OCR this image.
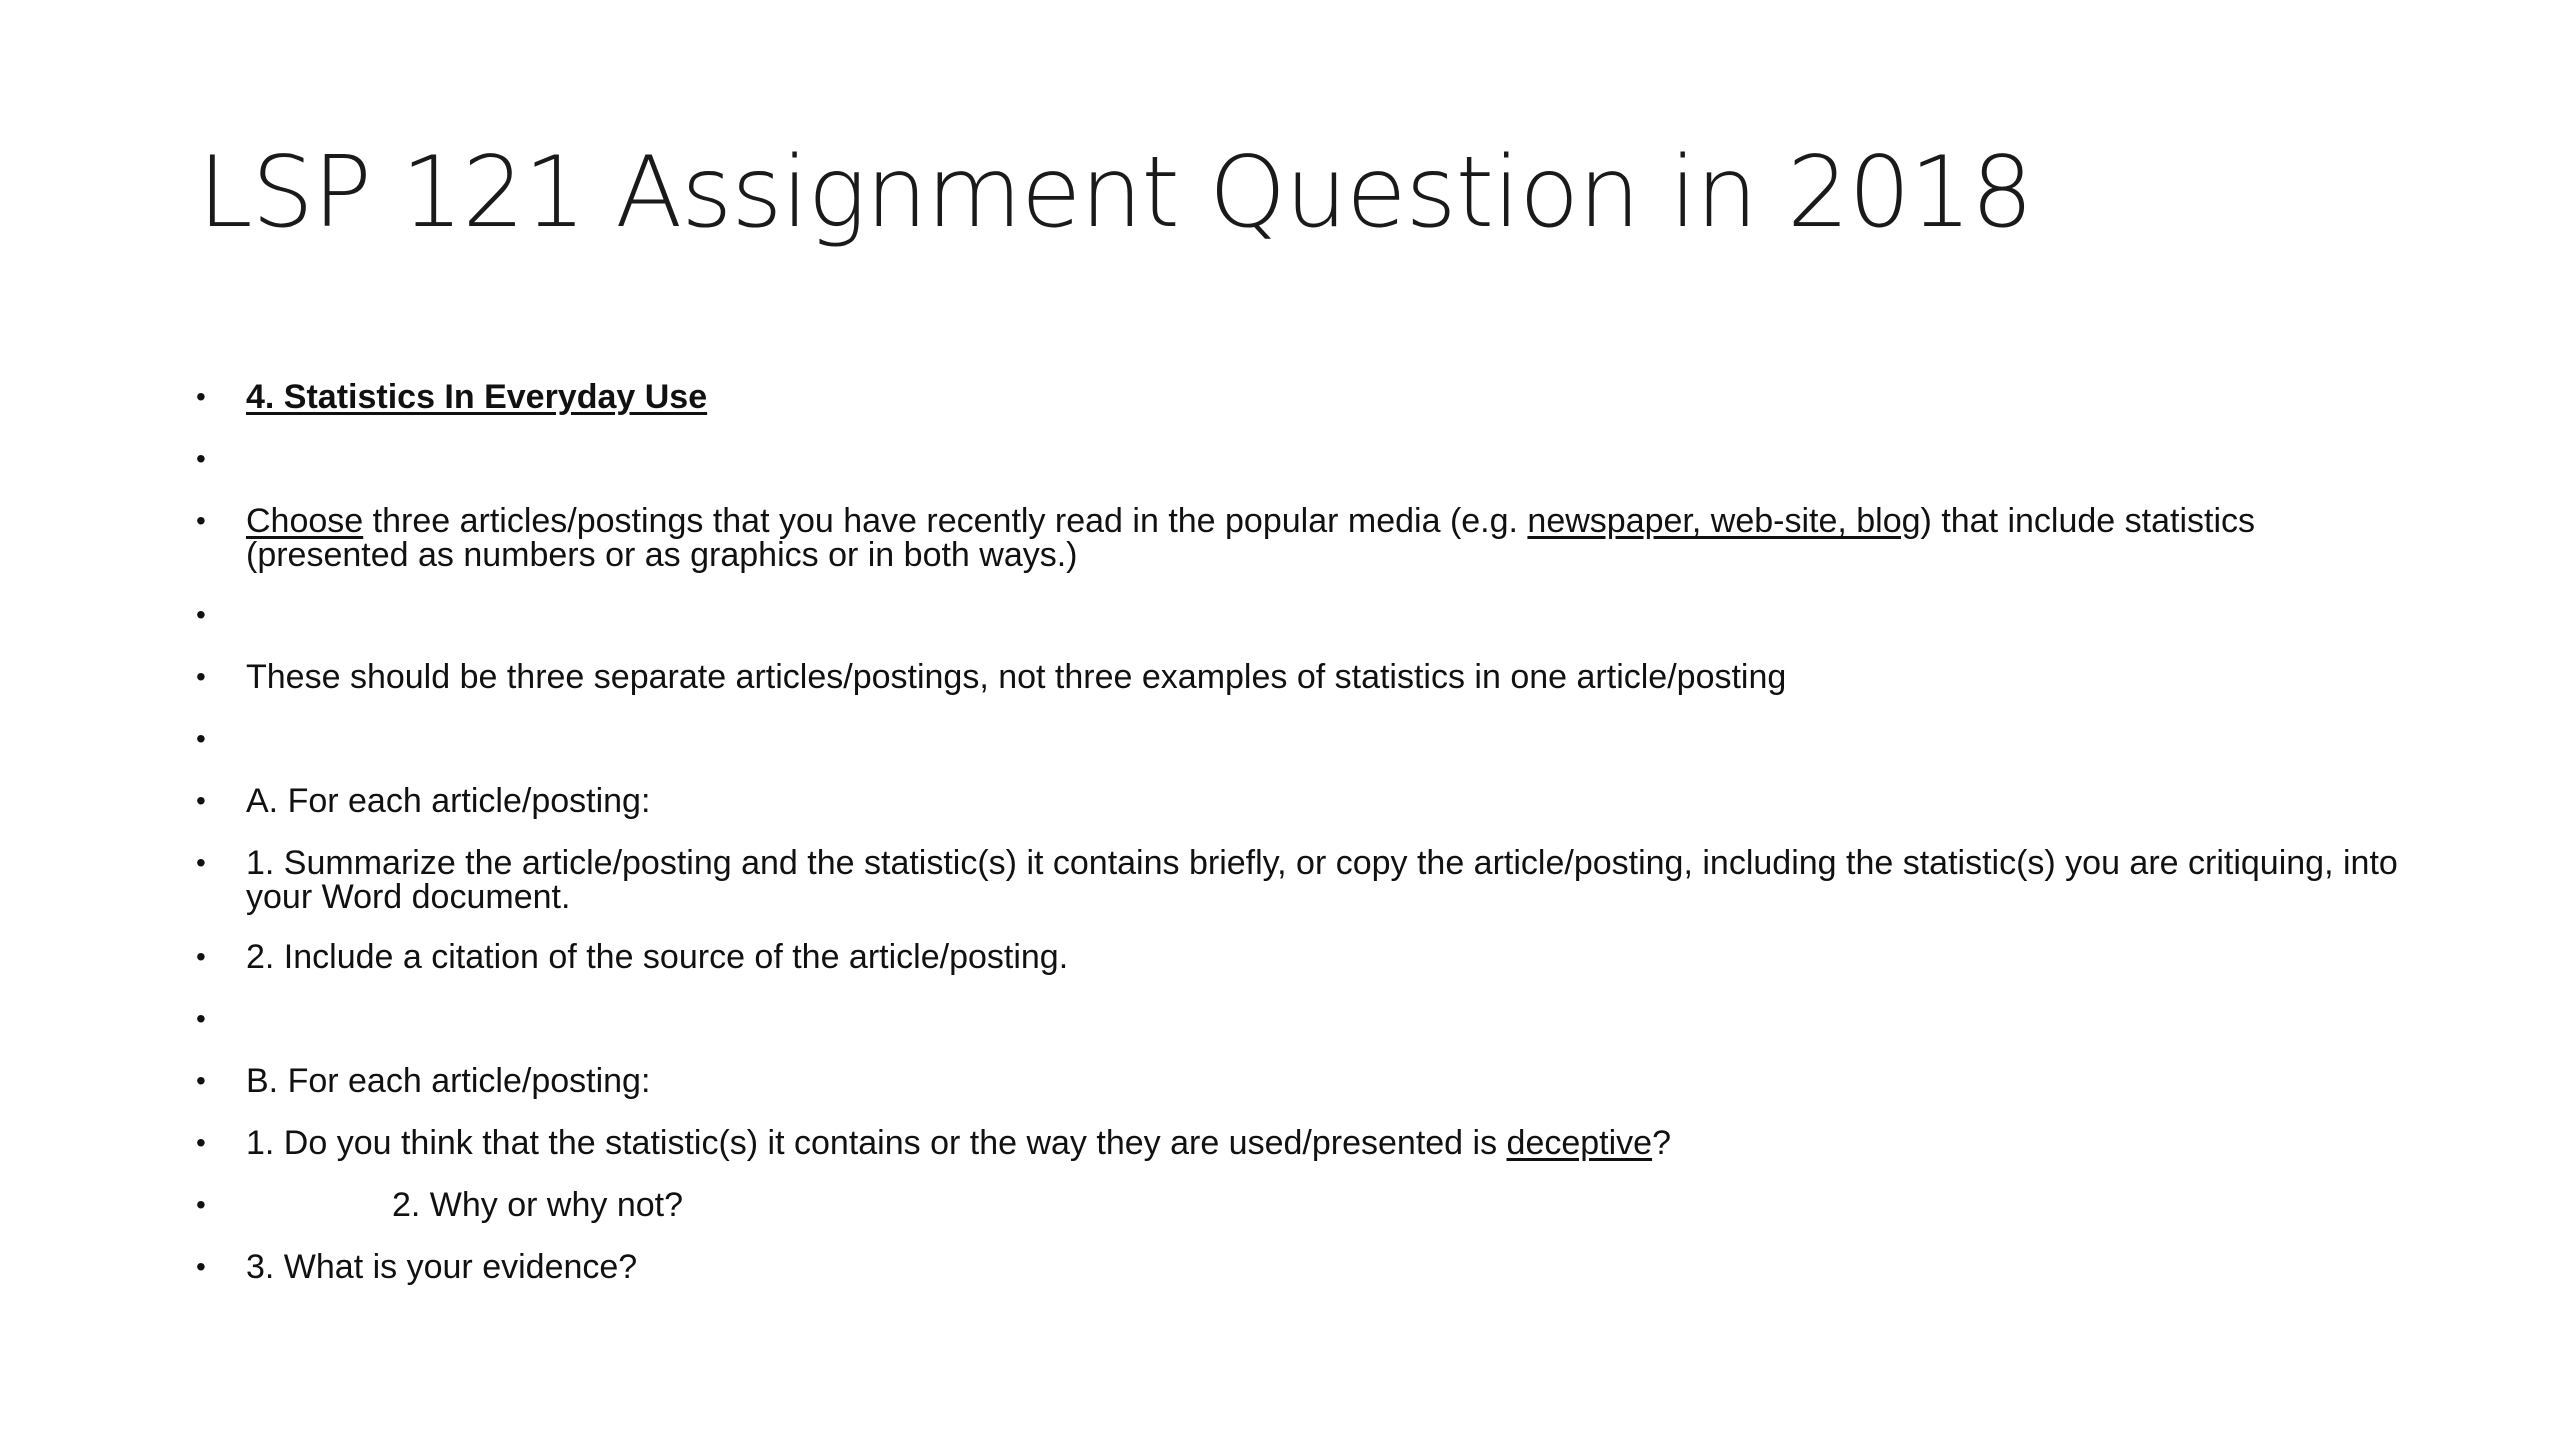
LSP 121 Assignment Question in 2018
• 4. Statistics In Everyday Use
•
• Choose three articles/postings that you have recently read in the popular media (e.g. newspaper, web-site, blog) that include statistics (presented as numbers or as graphics or in both ways.)
•
• These should be three separate articles/postings, not three examples of statistics in one article/posting
•
• A. For each article/posting:
• 1. Summarize the article/posting and the statistic(s) it contains briefly, or copy the article/posting, including the statistic(s) you are critiquing, into your Word document.
• 2. Include a citation of the source of the article/posting.
•
• B. For each article/posting:
• 1. Do you think that the statistic(s) it contains or the way they are used/presented is deceptive?
•	2. Why or why not?
• 3. What is your evidence?
